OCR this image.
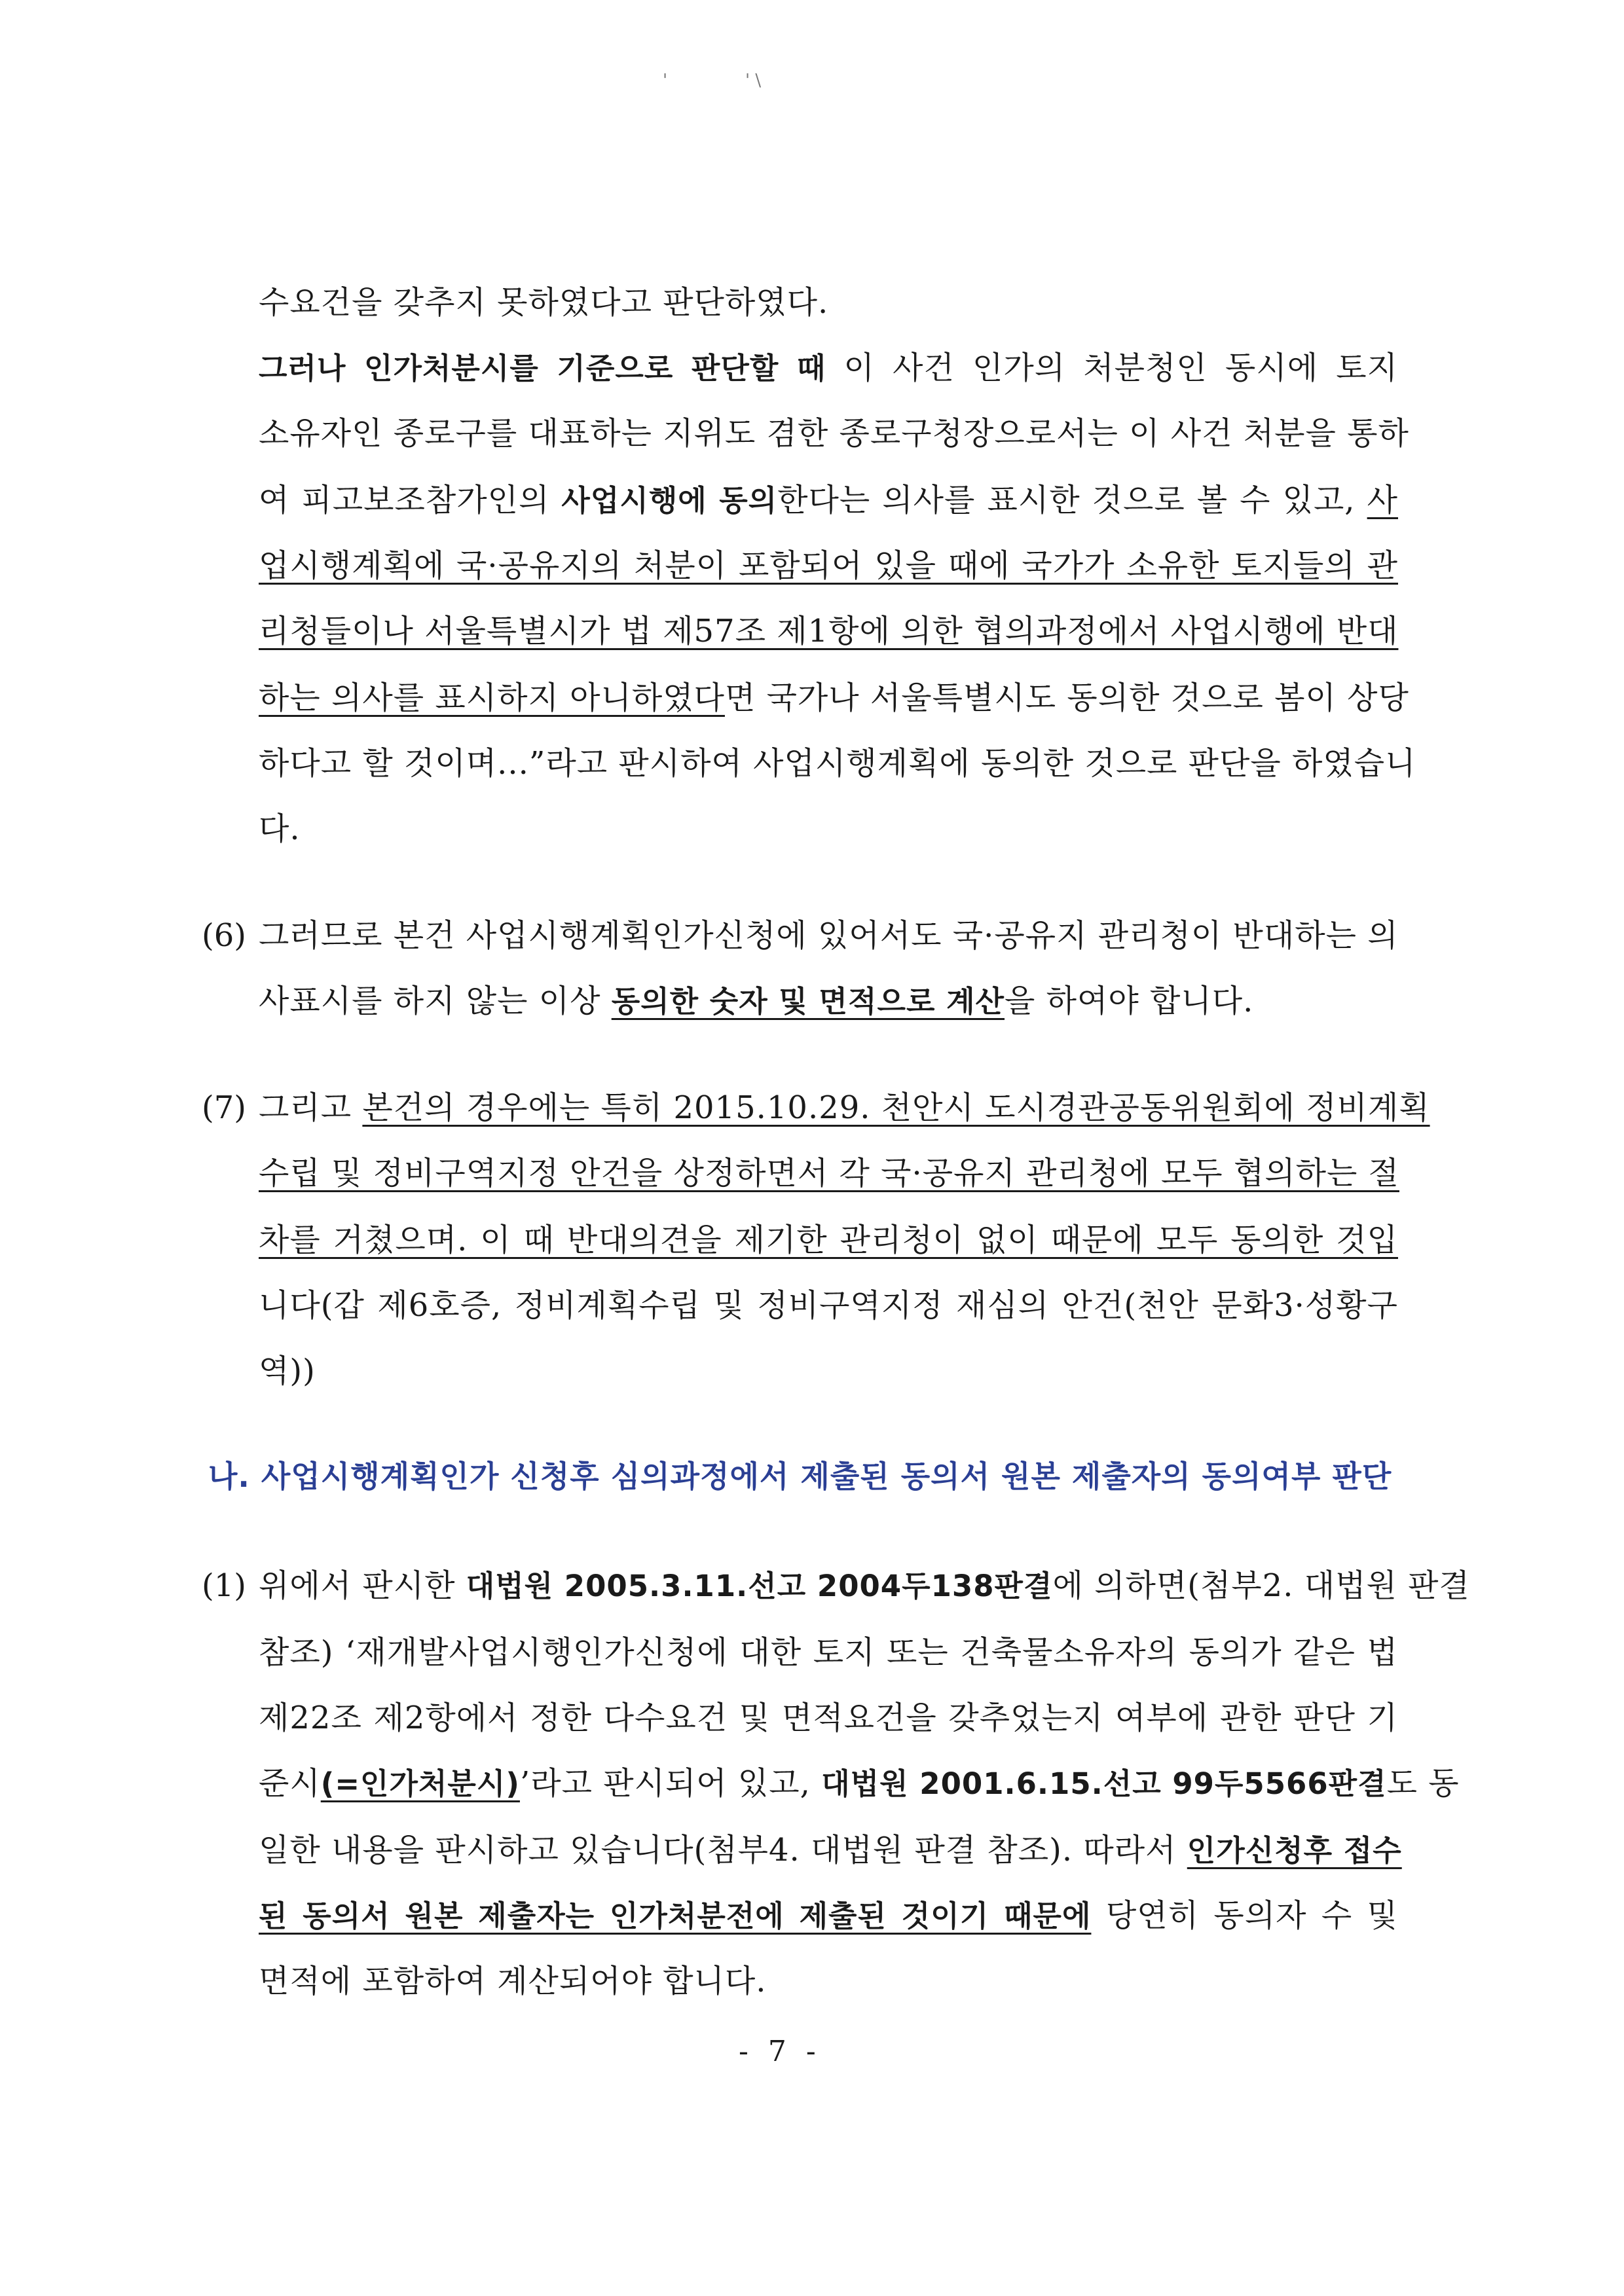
'	' \
수요건을 갖추지 못하였다고 판단하였다.
그러나 인가처분시를 기준으로 판단할 때 이 사건 인가의 처분청인 동시에 토지
소유자인 종로구를 대표하는 지위도 겸한 종로구청장으로서는 이 사건 처분을 통하
여 피고보조참가인의 사업시행에 동의한다는 의사를 표시한 것으로 볼 수 있고, 사
업시행계획에 국·공유지의 처분이 포함되어 있을 때에 국가가 소유한 토지들의 관
리청들이나 서울특별시가 법 제57조 제1항에 의한 협의과정에서 사업시행에 반대
하는 의사를 표시하지 아니하였다면 국가나 서울특별시도 동의한 것으로 봄이 상당
하다고 할 것이며...”라고 판시하여 사업시행계획에 동의한 것으로 판단을 하였습니
다.
(6) 그러므로 본건 사업시행계획인가신청에 있어서도 국·공유지 관리청이 반대하는 의
사표시를 하지 않는 이상 동의한 숫자 및 면적으로 계산을 하여야 합니다.
(7) 그리고 본건의 경우에는 특히 2015.10.29. 천안시 도시경관공동위원회에 정비계획
수립 및 정비구역지정 안건을 상정하면서 각 국·공유지 관리청에 모두 협의하는 절
차를 거쳤으며. 이 때 반대의견을 제기한 관리청이 없이 때문에 모두 동의한 것입
니다(갑 제6호증, 정비계획수립 및 정비구역지정 재심의 안건(천안 문화3·성황구
역))
나. 사업시행계획인가 신청후 심의과정에서 제출된 동의서 원본 제출자의 동의여부 판단
(1) 위에서 판시한 대법원 2005.3.11.선고 2004두138판결에 의하면(첨부2. 대법원 판결
참조) ‘재개발사업시행인가신청에 대한 토지 또는 건축물소유자의 동의가 같은 법
제22조 제2항에서 정한 다수요건 및 면적요건을 갖추었는지 여부에 관한 판단 기
준시(=인가처분시)’라고 판시되어 있고, 대법원 2001.6.15.선고 99두5566판결도 동
일한 내용을 판시하고 있습니다(첨부4. 대법원 판결 참조). 따라서 인가신청후 접수
된 동의서 원본 제출자는 인가처분전에 제출된 것이기 때문에 당연히 동의자 수 및
면적에 포함하여 계산되어야 합니다.
- 7 -
